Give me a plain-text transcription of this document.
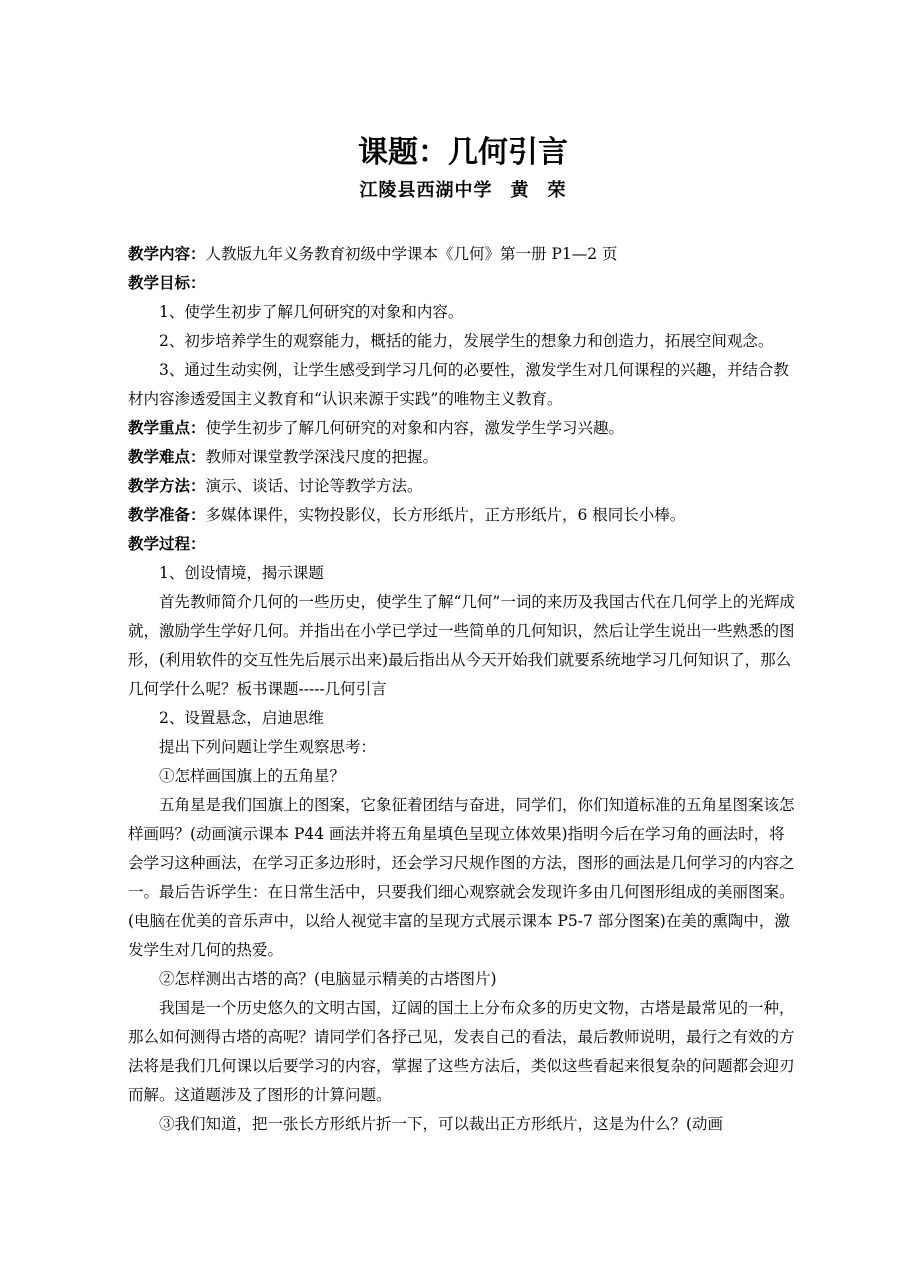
课题：几何引言
江陵县西湖中学 黄 荣

教学内容：人教版九年义务教育初级中学课本《几何》第一册 P1—2 页

教学目标：

1、使学生初步了解几何研究的对象和内容。

2、初步培养学生的观察能力，概括的能力，发展学生的想象力和创造力，拓展空间观念。

3、通过生动实例，让学生感受到学习几何的必要性，激发学生对几何课程的兴趣，并结合教材内容渗透爱国主义教育和“认识来源于实践”的唯物主义教育。

教学重点：使学生初步了解几何研究的对象和内容，激发学生学习兴趣。

教学难点：教师对课堂教学深浅尺度的把握。

教学方法：演示、谈话、讨论等教学方法。

教学准备：多媒体课件，实物投影仪，长方形纸片，正方形纸片，6 根同长小棒。

教学过程：

1、创设情境，揭示课题

首先教师简介几何的一些历史，使学生了解“几何”一词的来历及我国古代在几何学上的光辉成就，激励学生学好几何。并指出在小学已学过一些简单的几何知识，然后让学生说出一些熟悉的图形，(利用软件的交互性先后展示出来)最后指出从今天开始我们就要系统地学习几何知识了，那么几何学什么呢？板书课题-----几何引言

2、设置悬念，启迪思维

提出下列问题让学生观察思考：

①怎样画国旗上的五角星？

五角星是我们国旗上的图案，它象征着团结与奋进，同学们，你们知道标准的五角星图案该怎样画吗？(动画演示课本 P44 画法并将五角星填色呈现立体效果)指明今后在学习角的画法时，将会学习这种画法，在学习正多边形时，还会学习尺规作图的方法，图形的画法是几何学习的内容之一。最后告诉学生：在日常生活中，只要我们细心观察就会发现许多由几何图形组成的美丽图案。(电脑在优美的音乐声中，以给人视觉丰富的呈现方式展示课本 P5-7 部分图案)在美的熏陶中，激发学生对几何的热爱。

②怎样测出古塔的高？(电脑显示精美的古塔图片)

我国是一个历史悠久的文明古国，辽阔的国土上分布众多的历史文物，古塔是最常见的一种，那么如何测得古塔的高呢？请同学们各抒己见，发表自己的看法，最后教师说明，最行之有效的方法将是我们几何课以后要学习的内容，掌握了这些方法后，类似这些看起来很复杂的问题都会迎刃而解。这道题涉及了图形的计算问题。

③我们知道，把一张长方形纸片折一下，可以裁出正方形纸片，这是为什么？(动画
